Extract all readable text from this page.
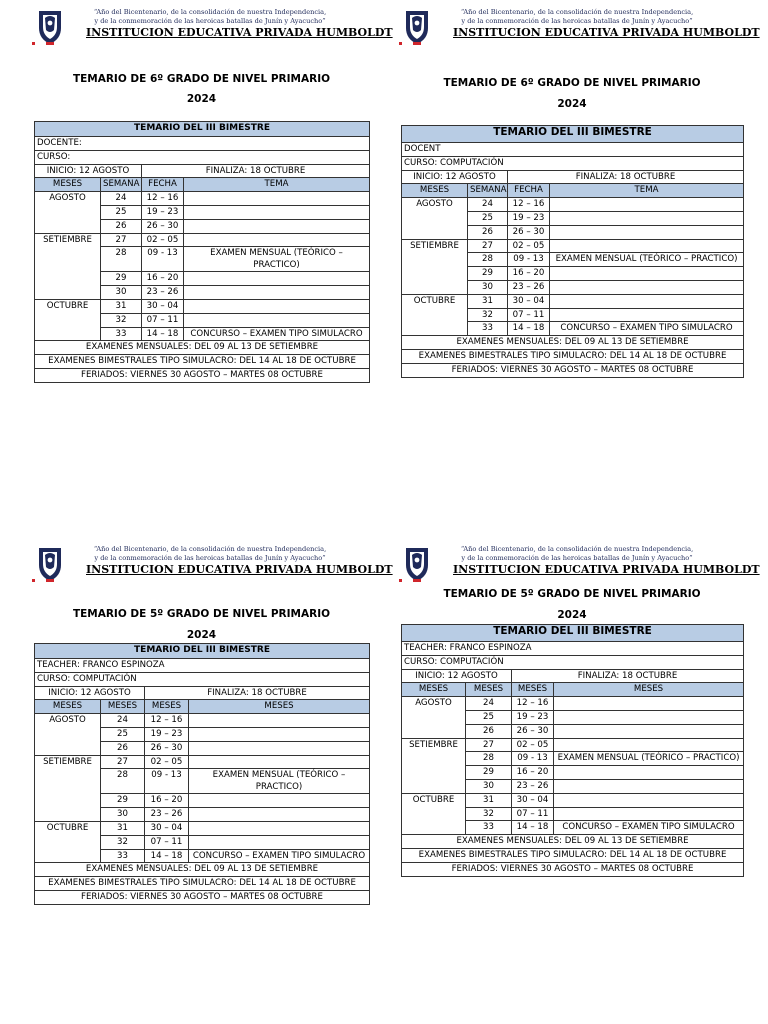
“Año del Bicentenario, de la consolidación de nuestra Independencia,
y de la conmemoración de las heroicas batallas de Junín y Ayacucho”
INSTITUCION EDUCATIVA PRIVADA HUMBOLDT
TEMARIO DE 6º GRADO DE NIVEL PRIMARIO
2024
TEMARIO DEL III BIMESTRE			
DOCENTE:			
CURSO:			
INICIO: 12 AGOSTO		FINALIZA: 18 OCTUBRE	
MESES	SEMANA	FECHA	TEMA
AGOSTO	24	12 – 16	
	25	19 – 23	
	26	26 – 30	
SETIEMBRE	27	02 – 05	
	28	09 - 13	EXAMEN MENSUAL (TEÓRICO – PRACTICO)
	29	16 – 20	
	30	23 – 26	
OCTUBRE	31	30 – 04	
	32	07 – 11	
	33	14 – 18	CONCURSO – EXAMEN TIPO SIMULACRO
EXAMENES MENSUALES: DEL 09 AL 13 DE SETIEMBRE			
EXAMENES BIMESTRALES TIPO SIMULACRO: DEL 14 AL 18 DE OCTUBRE			
FERIADOS: VIERNES 30 AGOSTO – MARTES 08 OCTUBRE			
“Año del Bicentenario, de la consolidación de nuestra Independencia,
y de la conmemoración de las heroicas batallas de Junín y Ayacucho”
INSTITUCION EDUCATIVA PRIVADA HUMBOLDT
TEMARIO DE 6º GRADO DE NIVEL PRIMARIO
2024
TEMARIO DEL III BIMESTRE			
DOCENT			
CURSO: COMPUTACIÓN			
INICIO: 12 AGOSTO		FINALIZA: 18 OCTUBRE	
MESES	SEMANA	FECHA	TEMA
AGOSTO	24	12 – 16	
	25	19 – 23	
	26	26 – 30	
SETIEMBRE	27	02 – 05	
	28	09 - 13	EXAMEN MENSUAL (TEÓRICO – PRACTICO)
	29	16 – 20	
	30	23 – 26	
OCTUBRE	31	30 – 04	
	32	07 – 11	
	33	14 – 18	CONCURSO – EXAMEN TIPO SIMULACRO
EXAMENES MENSUALES: DEL 09 AL 13 DE SETIEMBRE			
EXAMENES BIMESTRALES TIPO SIMULACRO: DEL 14 AL 18 DE OCTUBRE			
FERIADOS: VIERNES 30 AGOSTO – MARTES 08 OCTUBRE			
“Año del Bicentenario, de la consolidación de nuestra Independencia,
y de la conmemoración de las heroicas batallas de Junín y Ayacucho”
INSTITUCION EDUCATIVA PRIVADA HUMBOLDT
TEMARIO DE 5º GRADO DE NIVEL PRIMARIO
2024
TEMARIO DEL III BIMESTRE			
TEACHER: FRANCO ESPINOZA			
CURSO: COMPUTACIÓN			
INICIO: 12 AGOSTO		FINALIZA: 18 OCTUBRE	
MESES	MESES	MESES	MESES
AGOSTO	24	12 – 16	
	25	19 – 23	
	26	26 – 30	
SETIEMBRE	27	02 – 05	
	28	09 - 13	EXAMEN MENSUAL (TEÓRICO – PRACTICO)
	29	16 – 20	
	30	23 – 26	
OCTUBRE	31	30 – 04	
	32	07 – 11	
	33	14 – 18	CONCURSO – EXAMEN TIPO SIMULACRO
EXAMENES MENSUALES: DEL 09 AL 13 DE SETIEMBRE			
EXAMENES BIMESTRALES TIPO SIMULACRO: DEL 14 AL 18 DE OCTUBRE			
FERIADOS: VIERNES 30 AGOSTO – MARTES 08 OCTUBRE			
“Año del Bicentenario, de la consolidación de nuestra Independencia,
y de la conmemoración de las heroicas batallas de Junín y Ayacucho”
INSTITUCION EDUCATIVA PRIVADA HUMBOLDT
TEMARIO DE 5º GRADO DE NIVEL PRIMARIO
2024
TEMARIO DEL III BIMESTRE			
TEACHER: FRANCO ESPINOZA			
CURSO: COMPUTACIÓN			
INICIO: 12 AGOSTO		FINALIZA: 18 OCTUBRE	
MESES	MESES	MESES	MESES
AGOSTO	24	12 – 16	
	25	19 – 23	
	26	26 – 30	
SETIEMBRE	27	02 – 05	
	28	09 - 13	EXAMEN MENSUAL (TEÓRICO – PRACTICO)
	29	16 – 20	
	30	23 – 26	
OCTUBRE	31	30 – 04	
	32	07 – 11	
	33	14 – 18	CONCURSO – EXAMEN TIPO SIMULACRO
EXAMENES MENSUALES: DEL 09 AL 13 DE SETIEMBRE			
EXAMENES BIMESTRALES TIPO SIMULACRO: DEL 14 AL 18 DE OCTUBRE			
FERIADOS: VIERNES 30 AGOSTO – MARTES 08 OCTUBRE			
